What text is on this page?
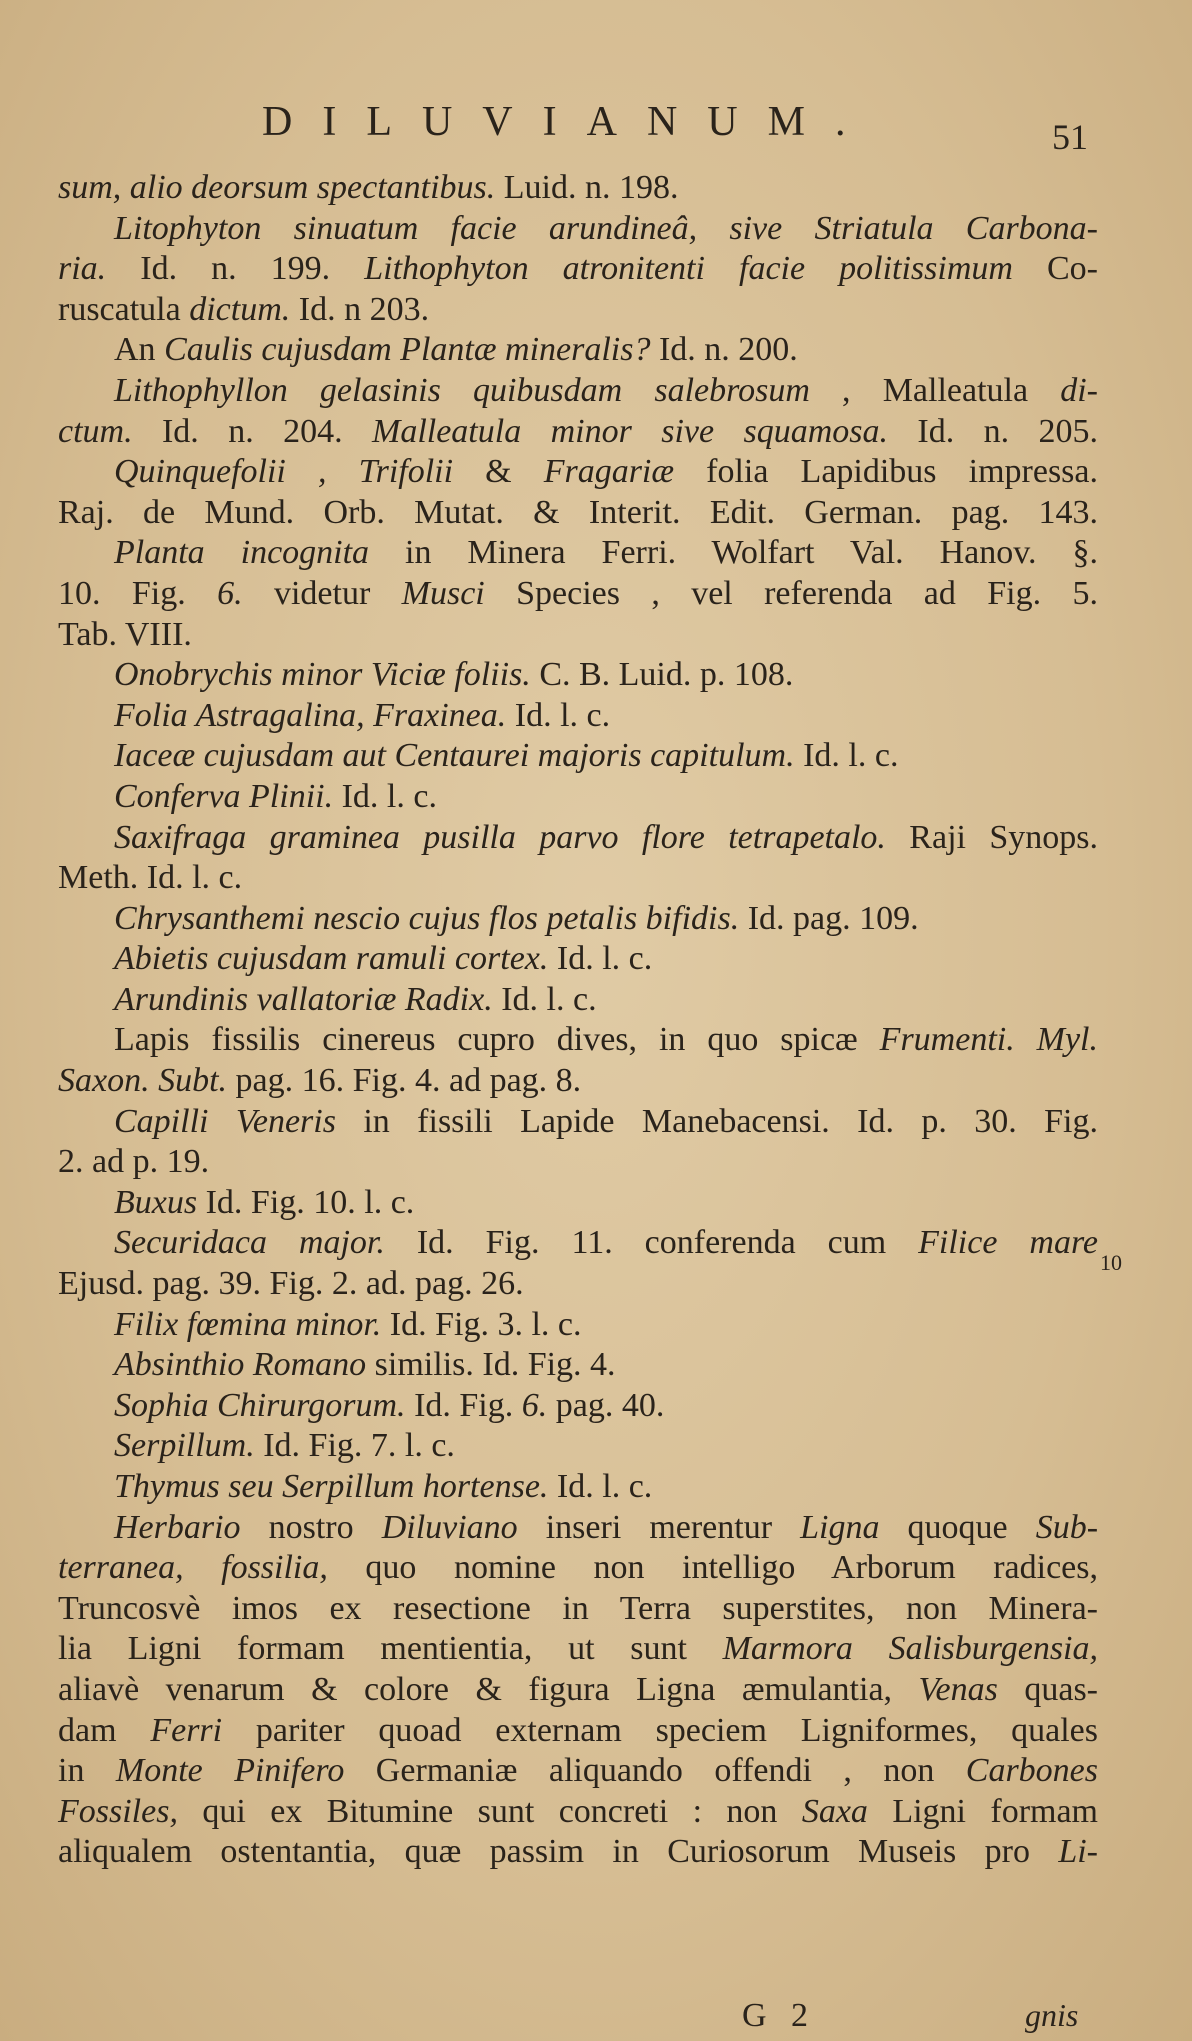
DILUVIANUM.	51
sum, alio deorsum spectantibus. Luid. n. 198.
Litophyton sinuatum facie arundineâ, sive Striatula Carbona-
ria. Id. n. 199. Lithophyton atronitenti facie politissimum Co-
ruscatula dictum. Id. n 203.
An Caulis cujusdam Plantæ mineralis? Id. n. 200.
Lithophyllon gelasinis quibusdam salebrosum , Malleatula di-
ctum. Id. n. 204. Malleatula minor sive squamosa. Id. n. 205.
Quinquefolii , Trifolii & Fragariæ folia Lapidibus impressa.
Raj. de Mund. Orb. Mutat. & Interit. Edit. German. pag. 143.
Planta incognita in Minera Ferri. Wolfart Val. Hanov. §.
10. Fig. 6. videtur Musci Species , vel referenda ad Fig. 5.
Tab. VIII.
Onobrychis minor Viciæ foliis. C. B. Luid. p. 108.
Folia Astragalina, Fraxinea. Id. l. c.
Iaceæ cujusdam aut Centaurei majoris capitulum. Id. l. c.
Conferva Plinii. Id. l. c.
Saxifraga graminea pusilla parvo flore tetrapetalo. Raji Synops.
Meth. Id. l. c.
Chrysanthemi nescio cujus flos petalis bifidis. Id. pag. 109.
Abietis cujusdam ramuli cortex. Id. l. c.
Arundinis vallatoriæ Radix. Id. l. c.
Lapis fissilis cinereus cupro dives, in quo spicæ Frumenti. Myl.
Saxon. Subt. pag. 16. Fig. 4. ad pag. 8.
Capilli Veneris in fissili Lapide Manebacensi. Id. p. 30. Fig.
2. ad p. 19.
Buxus Id. Fig. 10. l. c.
Securidaca major. Id. Fig. 11. conferenda cum Filice mare
Ejusd. pag. 39. Fig. 2. ad. pag. 26.
Filix fœmina minor. Id. Fig. 3. l. c.
Absinthio Romano similis. Id. Fig. 4.
Sophia Chirurgorum. Id. Fig. 6. pag. 40.
Serpillum. Id. Fig. 7. l. c.
Thymus seu Serpillum hortense. Id. l. c.
Herbario nostro Diluviano inseri merentur Ligna quoque Sub-
terranea, fossilia, quo nomine non intelligo Arborum radices,
Truncosvè imos ex resectione in Terra superstites, non Minera-
lia Ligni formam mentientia, ut sunt Marmora Salisburgensia,
aliavè venarum & colore & figura Ligna æmulantia, Venas quas-
dam Ferri pariter quoad externam speciem Ligniformes, quales
in Monte Pinifero Germaniæ aliquando offendi , non Carbones
Fossiles, qui ex Bitumine sunt concreti : non Saxa Ligni formam
aliqualem ostentantia, quæ passim in Curiosorum Museis pro Li-
10
G 2	gnis
